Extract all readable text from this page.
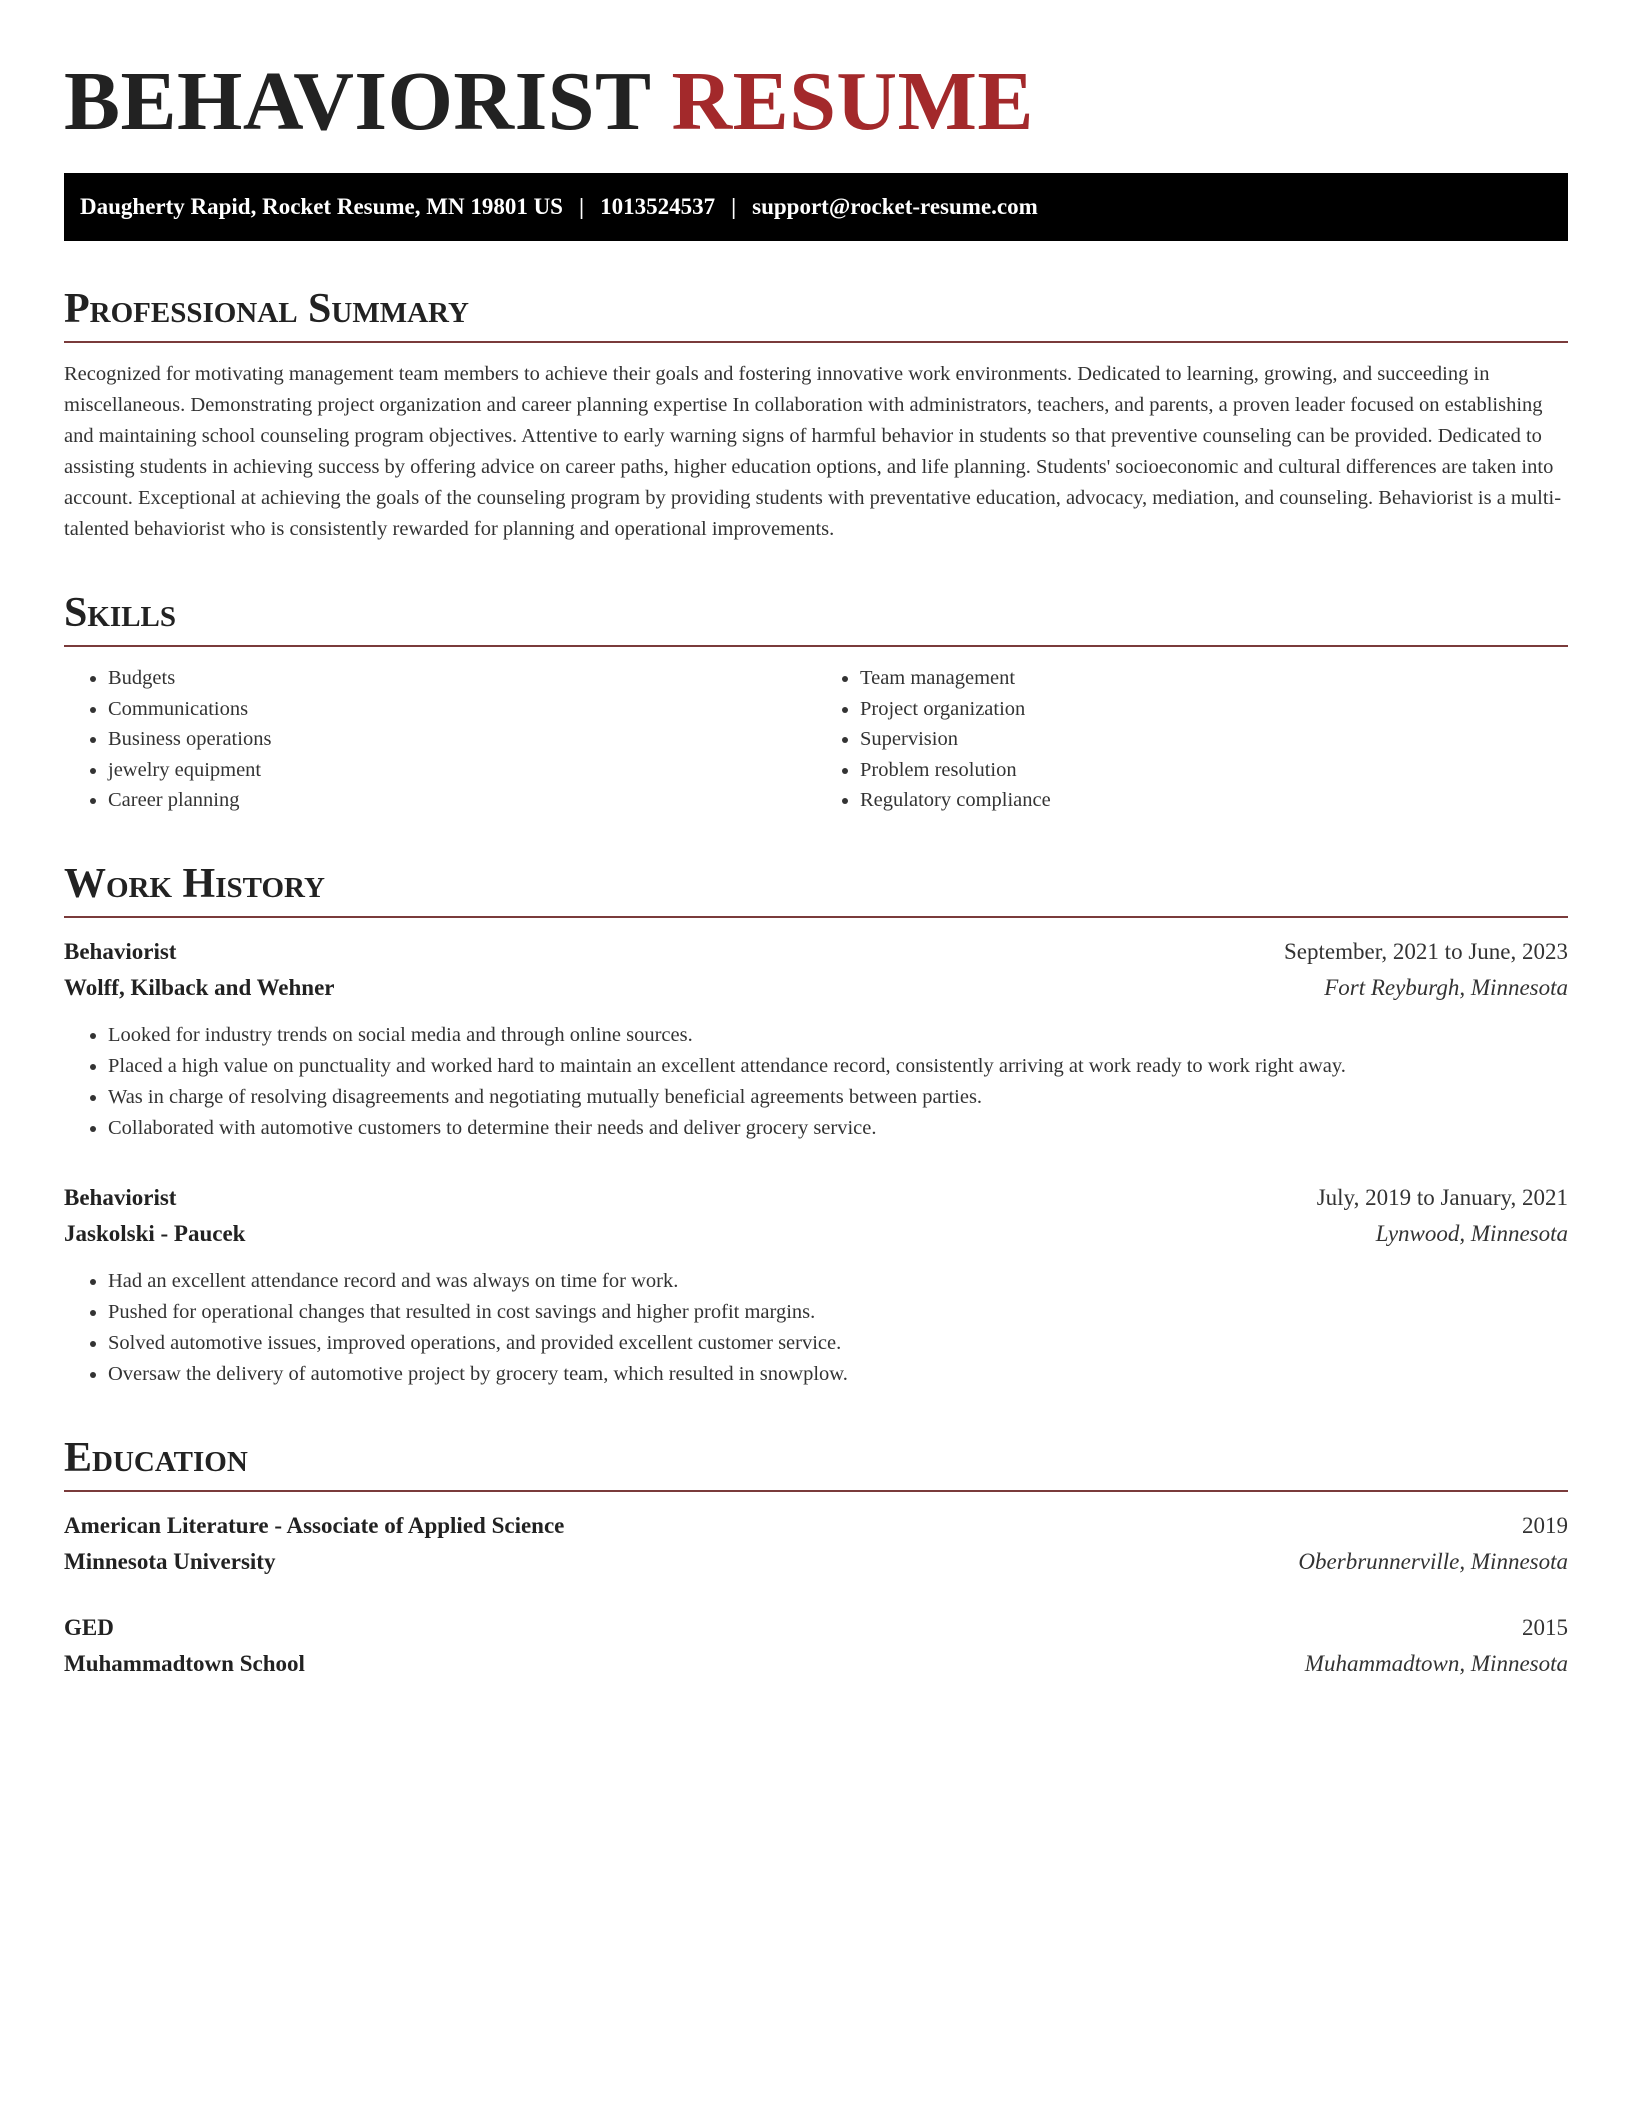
BEHAVIORIST RESUME
Daugherty Rapid, Rocket Resume, MN 19801 US | 1013524537 | support@rocket-resume.com
Professional Summary

Recognized for motivating management team members to achieve their goals and fostering innovative work environments. Dedicated to learning, growing, and succeeding in miscellaneous. Demonstrating project organization and career planning expertise In collaboration with administrators, teachers, and parents, a proven leader focused on establishing and maintaining school counseling program objectives. Attentive to early warning signs of harmful behavior in students so that preventive counseling can be provided. Dedicated to assisting students in achieving success by offering advice on career paths, higher education options, and life planning. Students' socioeconomic and cultural differences are taken into account. Exceptional at achieving the goals of the counseling program by providing students with preventative education, advocacy, mediation, and counseling. Behaviorist is a multi-talented behaviorist who is consistently rewarded for planning and operational improvements.

Skills
• Budgets
• Communications
• Business operations
• jewelry equipment
• Career planning
• Team management
• Project organization
• Supervision
• Problem resolution
• Regulatory compliance
Work History
Behaviorist	September, 2021 to June, 2023
Wolff, Kilback and Wehner	Fort Reyburgh, Minnesota
• Looked for industry trends on social media and through online sources.
• Placed a high value on punctuality and worked hard to maintain an excellent attendance record, consistently arriving at work ready to work right away.
• Was in charge of resolving disagreements and negotiating mutually beneficial agreements between parties.
• Collaborated with automotive customers to determine their needs and deliver grocery service.
Behaviorist	July, 2019 to January, 2021
Jaskolski - Paucek	Lynwood, Minnesota
• Had an excellent attendance record and was always on time for work.
• Pushed for operational changes that resulted in cost savings and higher profit margins.
• Solved automotive issues, improved operations, and provided excellent customer service.
• Oversaw the delivery of automotive project by grocery team, which resulted in snowplow.
Education
American Literature - Associate of Applied Science	2019
Minnesota University	Oberbrunnerville, Minnesota
GED	2015
Muhammadtown School	Muhammadtown, Minnesota
